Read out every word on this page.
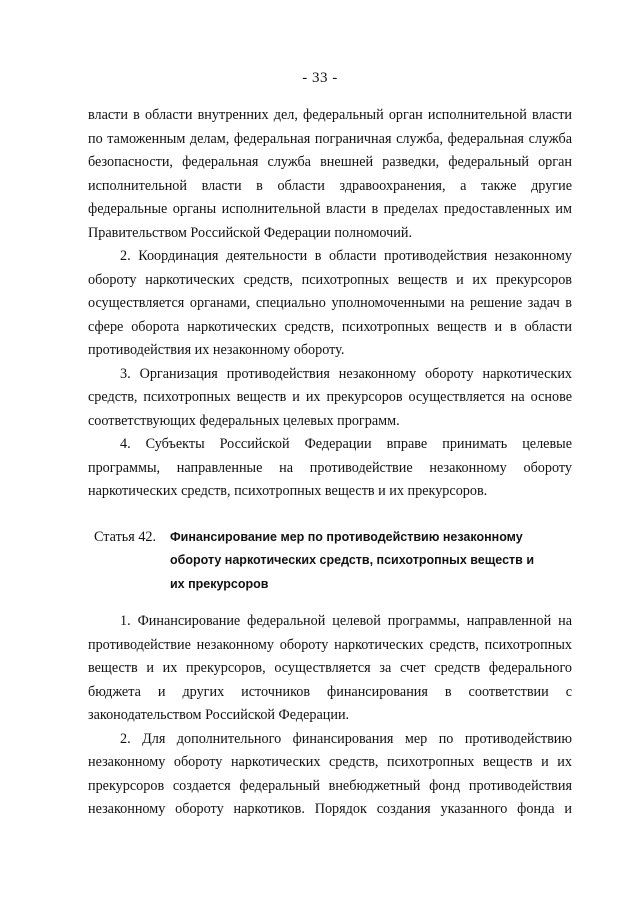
- 33 -

власти в области внутренних дел, федеральный орган исполнительной власти по таможенным делам, федеральная пограничная служба, федеральная служба безопасности, федеральная служба внешней разведки, федеральный орган исполнительной власти в области здравоохранения, а также другие федеральные органы исполнительной власти в пределах предоставленных им Правительством Российской Федерации полномочий.

2. Координация деятельности в области противодействия незаконному обороту наркотических средств, психотропных веществ и их прекурсоров осуществляется органами, специально уполномоченными на решение задач в сфере оборота наркотических средств, психотропных веществ и в области противодействия их незаконному обороту.

3. Организация противодействия незаконному обороту наркотических средств, психотропных веществ и их прекурсоров осуществляется на основе соответствующих федеральных целевых программ.

4. Субъекты Российской Федерации вправе принимать целевые программы, направленные на противодействие незаконному обороту наркотических средств, психотропных веществ и их прекурсоров.

Статья 42.	Финансирование мер по противодействию незаконному
обороту наркотических средств, психотропных веществ и
их прекурсоров

1. Финансирование федеральной целевой программы, направленной на противодействие незаконному обороту наркотических средств, психотропных веществ и их прекурсоров, осуществляется за счет средств федерального бюджета и других источников финансирования в соответствии с законодательством Российской Федерации.

2. Для дополнительного финансирования мер по противодействию незаконному обороту наркотических средств, психотропных веществ и их прекурсоров создается федеральный внебюджетный фонд противодействия незаконному обороту наркотиков. Порядок создания указанного фонда и
